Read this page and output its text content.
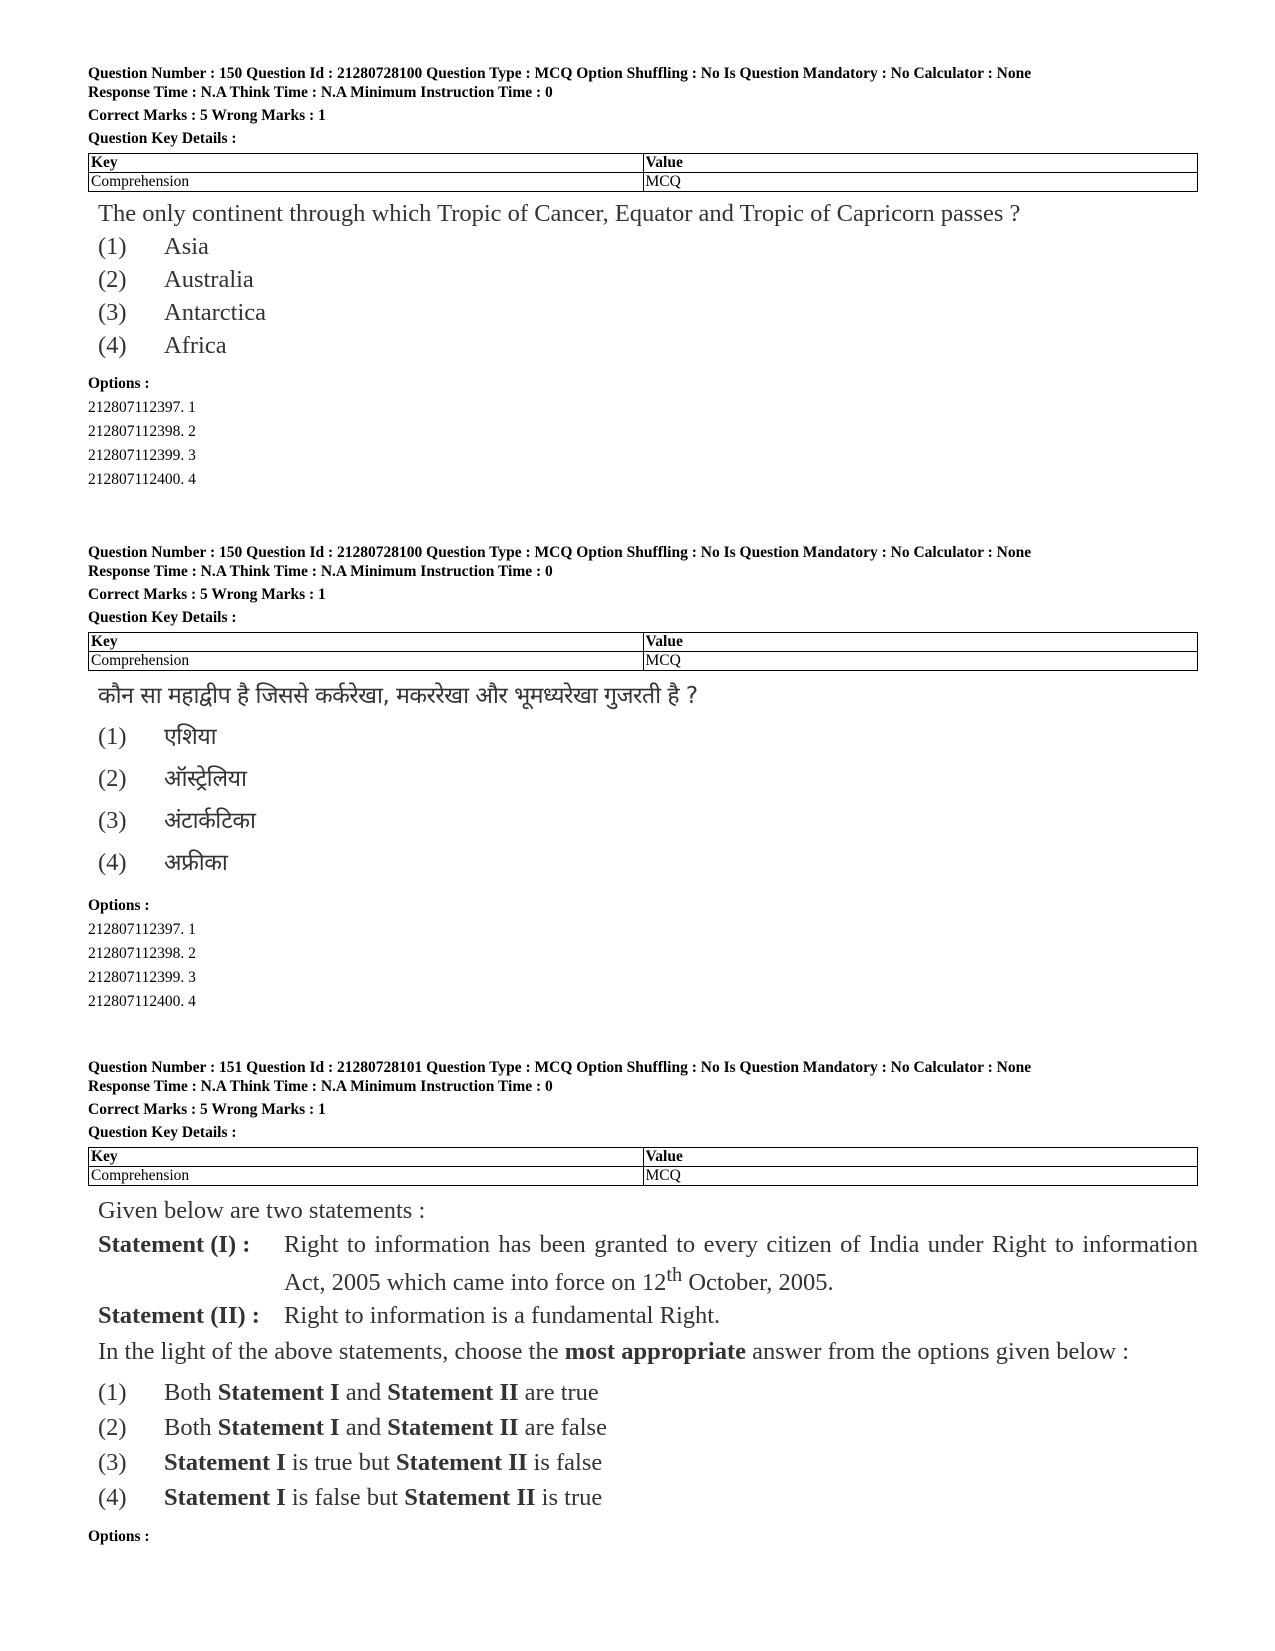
Question Number : 150 Question Id : 21280728100 Question Type : MCQ Option Shuffling : No Is Question Mandatory : No Calculator : None
Response Time : N.A Think Time : N.A Minimum Instruction Time : 0
Correct Marks : 5 Wrong Marks : 1
Question Key Details :
Key	Value
Comprehension	MCQ
The only continent through which Tropic of Cancer, Equator and Tropic of Capricorn passes ?
(1)	Asia
(2)	Australia
(3)	Antarctica
(4)	Africa
Options :
212807112397. 1
212807112398. 2
212807112399. 3
212807112400. 4
Question Number : 150 Question Id : 21280728100 Question Type : MCQ Option Shuffling : No Is Question Mandatory : No Calculator : None
Response Time : N.A Think Time : N.A Minimum Instruction Time : 0
Correct Marks : 5 Wrong Marks : 1
Question Key Details :
Key	Value
Comprehension	MCQ
कौन सा महाद्वीप है जिससे कर्करेखा, मकररेखा और भूमध्यरेखा गुजरती है ?
(1)	एशिया
(2)	ऑस्ट्रेलिया
(3)	अंटार्कटिका
(4)	अफ्रीका
Options :
212807112397. 1
212807112398. 2
212807112399. 3
212807112400. 4
Question Number : 151 Question Id : 21280728101 Question Type : MCQ Option Shuffling : No Is Question Mandatory : No Calculator : None
Response Time : N.A Think Time : N.A Minimum Instruction Time : 0
Correct Marks : 5 Wrong Marks : 1
Question Key Details :
Key	Value
Comprehension	MCQ
Given below are two statements :
Statement (I) :	Right to information has been granted to every citizen of India under Right to information Act, 2005 which came into force on 12th October, 2005.
Statement (II) : Right to information is a fundamental Right.
In the light of the above statements, choose the most appropriate answer from the options given below :
(1)	Both Statement I and Statement II are true
(2)	Both Statement I and Statement II are false
(3)	Statement I is true but Statement II is false
(4)	Statement I is false but Statement II is true
Options :
